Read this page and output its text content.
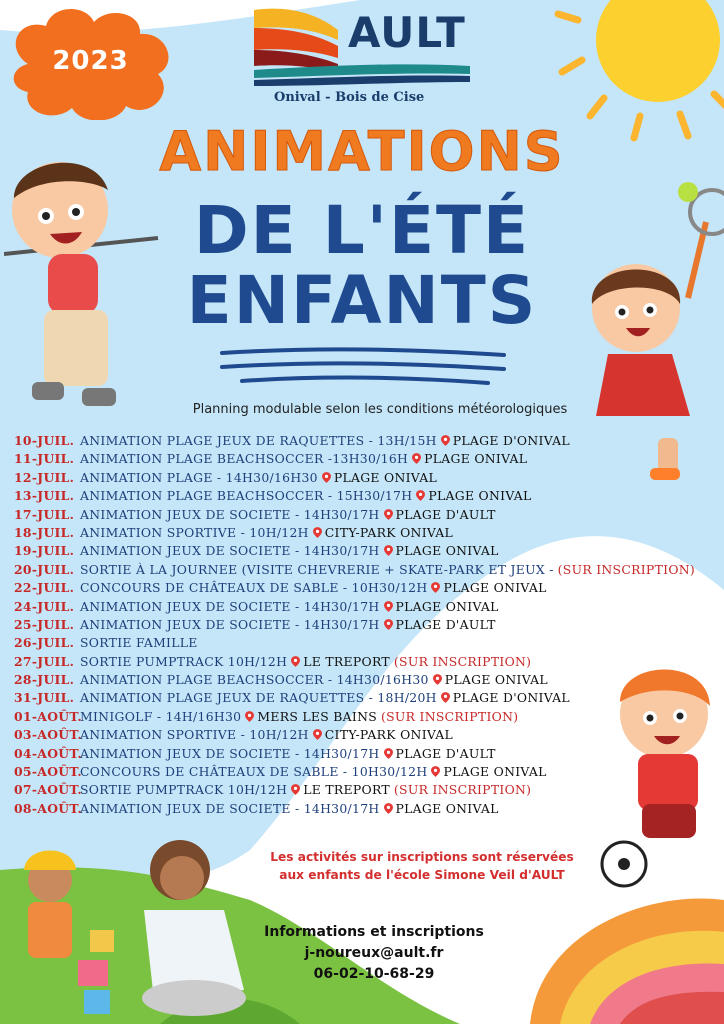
2023
AULT
Onival - Bois de Cise
ANIMATIONS
DE L'ÉTÉ
ENFANTS
Planning modulable selon les conditions météorologiques
10-JUIL. ANIMATION PLAGE JEUX DE RAQUETTES - 13H/15H PLAGE D'ONIVAL
11-JUIL. ANIMATION PLAGE BEACHSOCCER -13H30/16H PLAGE ONIVAL
12-JUIL. ANIMATION PLAGE - 14H30/16H30 PLAGE ONIVAL
13-JUIL. ANIMATION PLAGE BEACHSOCCER - 15H30/17H PLAGE ONIVAL
17-JUIL. ANIMATION JEUX DE SOCIETE - 14H30/17H PLAGE D'AULT
18-JUIL. ANIMATION SPORTIVE - 10H/12H CITY-PARK ONIVAL
19-JUIL. ANIMATION JEUX DE SOCIETE - 14H30/17H PLAGE ONIVAL
20-JUIL. SORTIE À LA JOURNEE (VISITE CHEVRERIE + SKATE-PARK ET JEUX - (SUR INSCRIPTION)
22-JUIL. CONCOURS DE CHÂTEAUX DE SABLE - 10H30/12H PLAGE ONIVAL
24-JUIL. ANIMATION JEUX DE SOCIETE - 14H30/17H PLAGE ONIVAL
25-JUIL. ANIMATION JEUX DE SOCIETE - 14H30/17H PLAGE D'AULT
26-JUIL. SORTIE FAMILLE
27-JUIL. SORTIE PUMPTRACK 10H/12H LE TREPORT (SUR INSCRIPTION)
28-JUIL. ANIMATION PLAGE BEACHSOCCER - 14H30/16H30 PLAGE ONIVAL
31-JUIL. ANIMATION PLAGE JEUX DE RAQUETTES - 18H/20H PLAGE D'ONIVAL
01-AOÛT.MINIGOLF - 14H/16H30 MERS LES BAINS (SUR INSCRIPTION)
03-AOÛT.ANIMATION SPORTIVE - 10H/12H CITY-PARK ONIVAL
04-AOÛT.ANIMATION JEUX DE SOCIETE - 14H30/17H PLAGE D'AULT
05-AOÛT.CONCOURS DE CHÂTEAUX DE SABLE - 10H30/12H PLAGE ONIVAL
07-AOÛT.SORTIE PUMPTRACK 10H/12H LE TREPORT (SUR INSCRIPTION)
08-AOÛT.ANIMATION JEUX DE SOCIETE - 14H30/17H PLAGE ONIVAL
Les activités sur inscriptions sont réservées
aux enfants de l'école Simone Veil d'AULT
Informations et inscriptions
j-noureux@ault.fr
06-02-10-68-29
